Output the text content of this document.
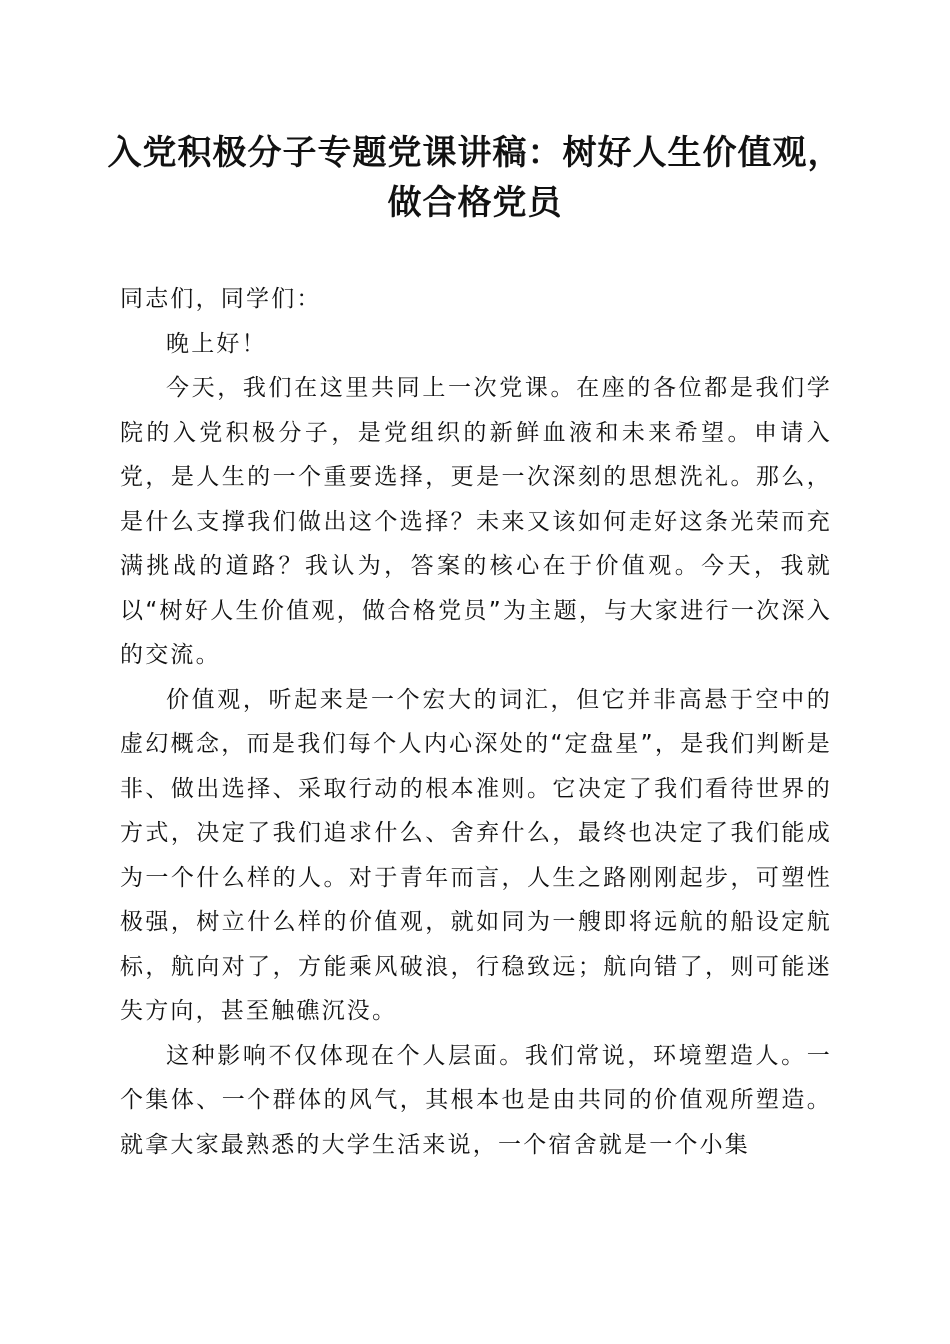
入党积极分子专题党课讲稿：树好人生价值观，
做合格党员

同志们，同学们：

晚上好！

今天，我们在这里共同上一次党课。在座的各位都是我们学院的入党积极分子，是党组织的新鲜血液和未来希望。申请入党，是人生的一个重要选择，更是一次深刻的思想洗礼。那么，是什么支撑我们做出这个选择？未来又该如何走好这条光荣而充满挑战的道路？我认为，答案的核心在于价值观。今天，我就以“树好人生价值观，做合格党员”为主题，与大家进行一次深入的交流。

价值观，听起来是一个宏大的词汇，但它并非高悬于空中的虚幻概念，而是我们每个人内心深处的“定盘星”，是我们判断是非、做出选择、采取行动的根本准则。它决定了我们看待世界的方式，决定了我们追求什么、舍弃什么，最终也决定了我们能成为一个什么样的人。对于青年而言，人生之路刚刚起步，可塑性极强，树立什么样的价值观，就如同为一艘即将远航的船设定航标，航向对了，方能乘风破浪，行稳致远；航向错了，则可能迷失方向，甚至触礁沉没。

这种影响不仅体现在个人层面。我们常说，环境塑造人。一个集体、一个群体的风气，其根本也是由共同的价值观所塑造。就拿大家最熟悉的大学生活来说，一个宿舍就是一个小集
